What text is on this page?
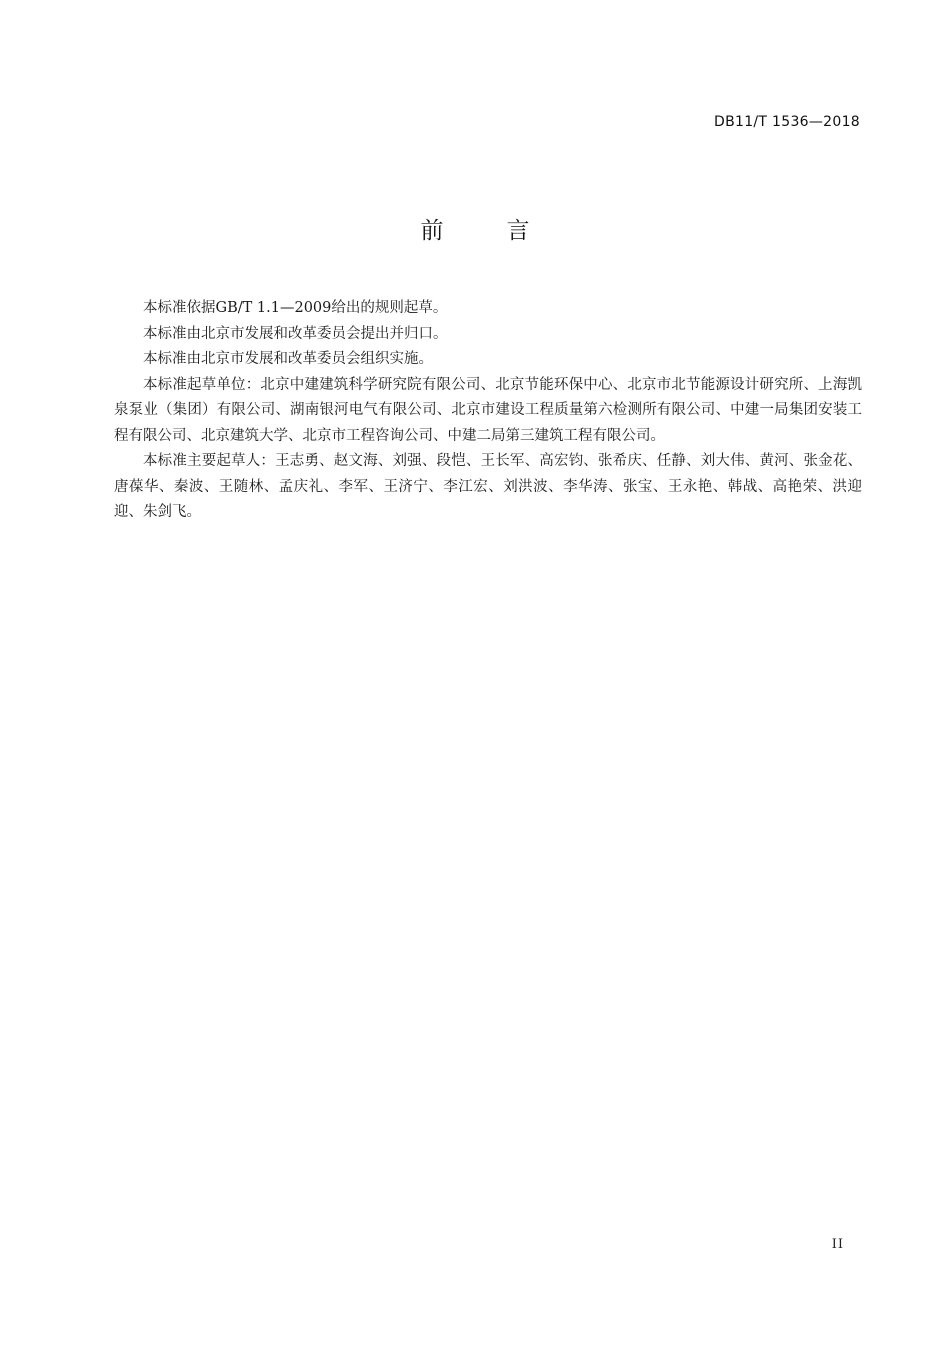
DB11/T 1536—2018
前　言

本标准依据GB/T 1.1—2009给出的规则起草。

本标准由北京市发展和改革委员会提出并归口。

本标准由北京市发展和改革委员会组织实施。

本标准起草单位：北京中建建筑科学研究院有限公司、北京节能环保中心、北京市北节能源设计研究所、上海凯泉泵业（集团）有限公司、湖南银河电气有限公司、北京市建设工程质量第六检测所有限公司、中建一局集团安装工程有限公司、北京建筑大学、北京市工程咨询公司、中建二局第三建筑工程有限公司。

本标准主要起草人：王志勇、赵文海、刘强、段恺、王长军、高宏钧、张希庆、任静、刘大伟、黄河、张金花、唐葆华、秦波、王随林、孟庆礼、李军、王济宁、李江宏、刘洪波、李华涛、张宝、王永艳、韩战、高艳荣、洪迎迎、朱剑飞。

II
